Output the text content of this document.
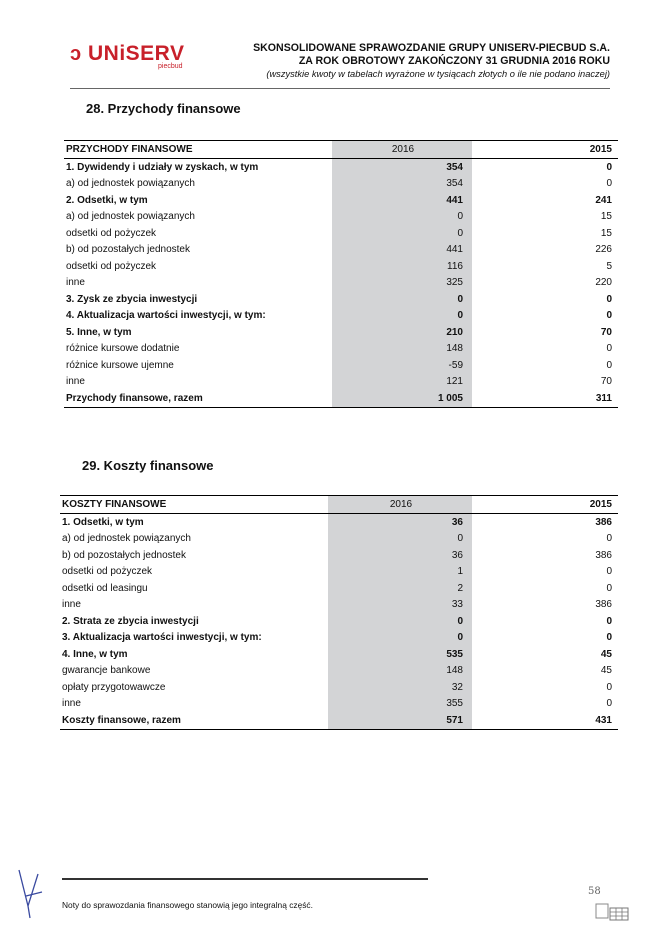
ↄ UNiSERV
piecbud
SKONSOLIDOWANE SPRAWOZDANIE GRUPY UNISERV-PIECBUD S.A.
ZA ROK OBROTOWY ZAKOŃCZONY 31 GRUDNIA 2016 ROKU
(wszystkie kwoty w tabelach wyrażone w tysiącach złotych o ile nie podano inaczej)
28. Przychody finansowe
PRZYCHODY FINANSOWE	2016	2015
1. Dywidendy i udziały w zyskach, w tym	354	0
a) od jednostek powiązanych	354	0
2. Odsetki, w tym	441	241
a) od jednostek powiązanych	0	15
odsetki od pożyczek	0	15
b) od pozostałych jednostek	441	226
odsetki od pożyczek	116	5
inne	325	220
3. Zysk ze zbycia inwestycji	0	0
4. Aktualizacja wartości inwestycji, w tym:	0	0
5. Inne, w tym	210	70
różnice kursowe dodatnie	148	0
różnice kursowe ujemne	-59	0
inne	121	70
Przychody finansowe, razem	1 005	311
29. Koszty finansowe
KOSZTY FINANSOWE	2016	2015
1. Odsetki, w tym	36	386
a) od jednostek powiązanych	0	0
b) od pozostałych jednostek	36	386
odsetki od pożyczek	1	0
odsetki od leasingu	2	0
inne	33	386
2. Strata ze zbycia inwestycji	0	0
3. Aktualizacja wartości inwestycji, w tym:	0	0
4. Inne, w tym	535	45
gwarancje bankowe	148	45
opłaty przygotowawcze	32	0
inne	355	0
Koszty finansowe, razem	571	431
Noty do sprawozdania finansowego stanowią jego integralną część.
58
